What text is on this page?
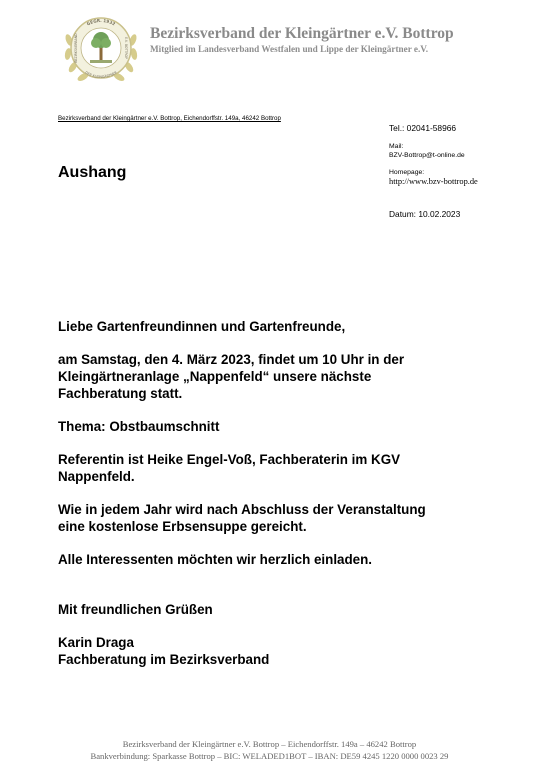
GEGR. 1932
DER KLEINGÄRTNER
BEZIRKSVERBAND	E.V. BOTTROP
Bezirksverband der Kleingärtner e.V. Bottrop
Mitglied im Landesverband Westfalen und Lippe der Kleingärtner e.V.
Bezirksverband der Kleingärtner e.V. Bottrop, Eichendorffstr. 149a, 46242 Bottrop
Tel.: 02041-58966
Mail:
BZV-Bottrop@t-online.de
Homepage:
http://www.bzv-bottrop.de
Datum: 10.02.2023
Aushang

Liebe Gartenfreundinnen und Gartenfreunde,

am Samstag, den 4. März 2023, findet um 10 Uhr in der

Kleingärtneranlage „Nappenfeld“ unsere nächste

Fachberatung statt.

Thema: Obstbaumschnitt

Referentin ist Heike Engel-Voß, Fachberaterin im KGV

Nappenfeld.

Wie in jedem Jahr wird nach Abschluss der Veranstaltung

eine kostenlose Erbsensuppe gereicht.

Alle Interessenten möchten wir herzlich einladen.

Mit freundlichen Grüßen

Karin Draga

Fachberatung im Bezirksverband

Bezirksverband der Kleingärtner e.V. Bottrop – Eichendorffstr. 149a – 46242 Bottrop
Bankverbindung: Sparkasse Bottrop – BIC: WELADED1BOT – IBAN: DE59 4245 1220 0000 0023 29
